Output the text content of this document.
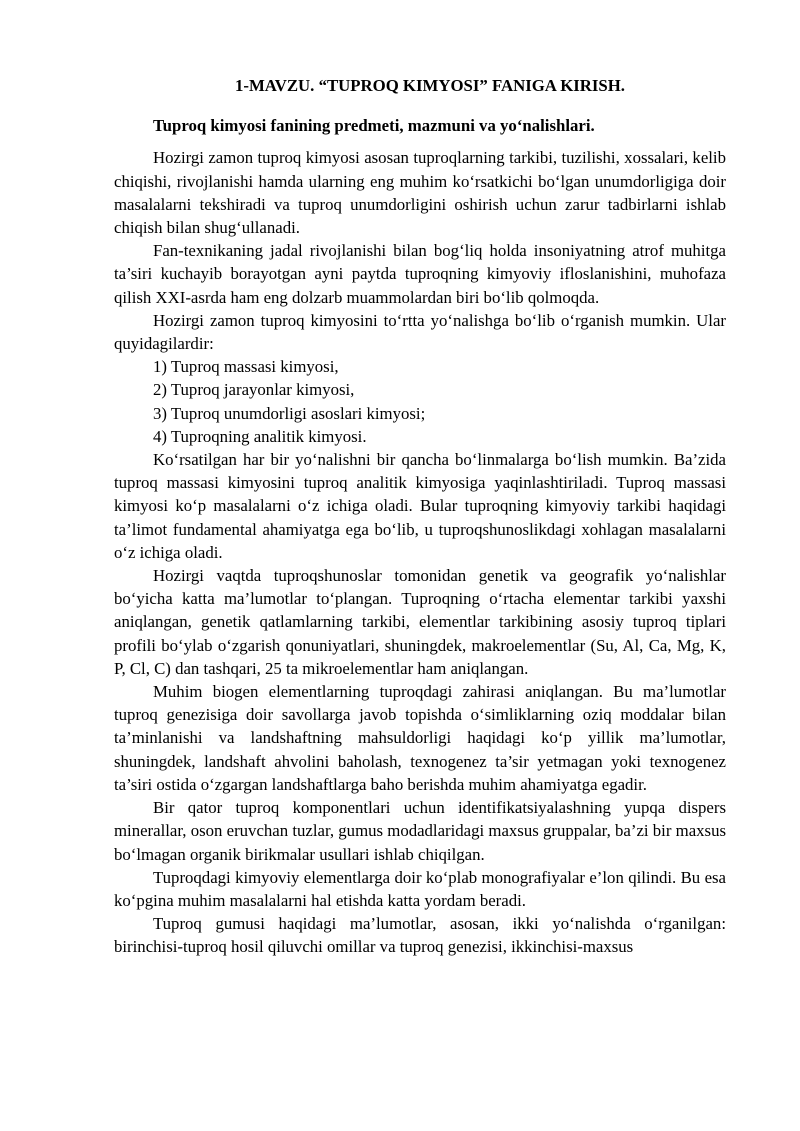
1-MAVZU. “TUPROQ KIMYOSI” FANIGA KIRISH.
Tuproq kimyosi fanining predmeti, mazmuni va yo‘nalishlari.

Hozirgi zamon tuproq kimyosi asosan tuproqlarning tarkibi, tuzilishi, xossalari, kelib chiqishi, rivojlanishi hamda ularning eng muhim ko‘rsatkichi bo‘lgan unumdorligiga doir masalalarni tekshiradi va tuproq unumdorligini oshirish uchun zarur tadbirlarni ishlab chiqish bilan shug‘ullanadi.

Fan-texnikaning jadal rivojlanishi bilan bog‘liq holda insoniyatning atrof muhitga ta’siri kuchayib borayotgan ayni paytda tuproqning kimyoviy ifloslanishini, muhofaza qilish XXI-asrda ham eng dolzarb muammolardan biri bo‘lib qolmoqda.

Hozirgi zamon tuproq kimyosini to‘rtta yo‘nalishga bo‘lib o‘rganish mumkin. Ular quyidagilardir:

1) Tuproq massasi kimyosi,

2) Tuproq jarayonlar kimyosi,

3) Tuproq unumdorligi asoslari kimyosi;

4) Tuproqning analitik kimyosi.

Ko‘rsatilgan har bir yo‘nalishni bir qancha bo‘linmalarga bo‘lish mumkin. Ba’zida tuproq massasi kimyosini tuproq analitik kimyosiga yaqinlashtiriladi. Tuproq massasi kimyosi ko‘p masalalarni o‘z ichiga oladi. Bular tuproqning kimyoviy tarkibi haqidagi ta’limot fundamental ahamiyatga ega bo‘lib, u tuproqshunoslikdagi xohlagan masalalarni o‘z ichiga oladi.

Hozirgi vaqtda tuproqshunoslar tomonidan genetik va geografik yo‘nalishlar bo‘yicha katta ma’lumotlar to‘plangan. Tuproqning o‘rtacha elementar tarkibi yaxshi aniqlangan, genetik qatlamlarning tarkibi, elementlar tarkibining asosiy tuproq tiplari profili bo‘ylab o‘zgarish qonuniyatlari, shuningdek, makroelementlar (Su, Al, Ca, Mg, K, P, Cl, C) dan tashqari, 25 ta mikroelementlar ham aniqlangan.

Muhim biogen elementlarning tuproqdagi zahirasi aniqlangan. Bu ma’lumotlar tuproq genezisiga doir savollarga javob topishda o‘simliklarning oziq moddalar bilan ta’minlanishi va landshaftning mahsuldorligi haqidagi ko‘p yillik ma’lumotlar, shuningdek, landshaft ahvolini baholash, texnogenez ta’sir yetmagan yoki texnogenez ta’siri ostida o‘zgargan landshaftlarga baho berishda muhim ahamiyatga egadir.

Bir qator tuproq komponentlari uchun identifikatsiyalashning yupqa dispers minerallar, oson eruvchan tuzlar, gumus modadlaridagi maxsus gruppalar, ba’zi bir maxsus bo‘lmagan organik birikmalar usullari ishlab chiqilgan.

Tuproqdagi kimyoviy elementlarga doir ko‘plab monografiyalar e’lon qilindi. Bu esa ko‘pgina muhim masalalarni hal etishda katta yordam beradi.

Tuproq gumusi haqidagi ma’lumotlar, asosan, ikki yo‘nalishda o‘rganilgan: birinchisi-tuproq hosil qiluvchi omillar va tuproq genezisi, ikkinchisi-maxsus
